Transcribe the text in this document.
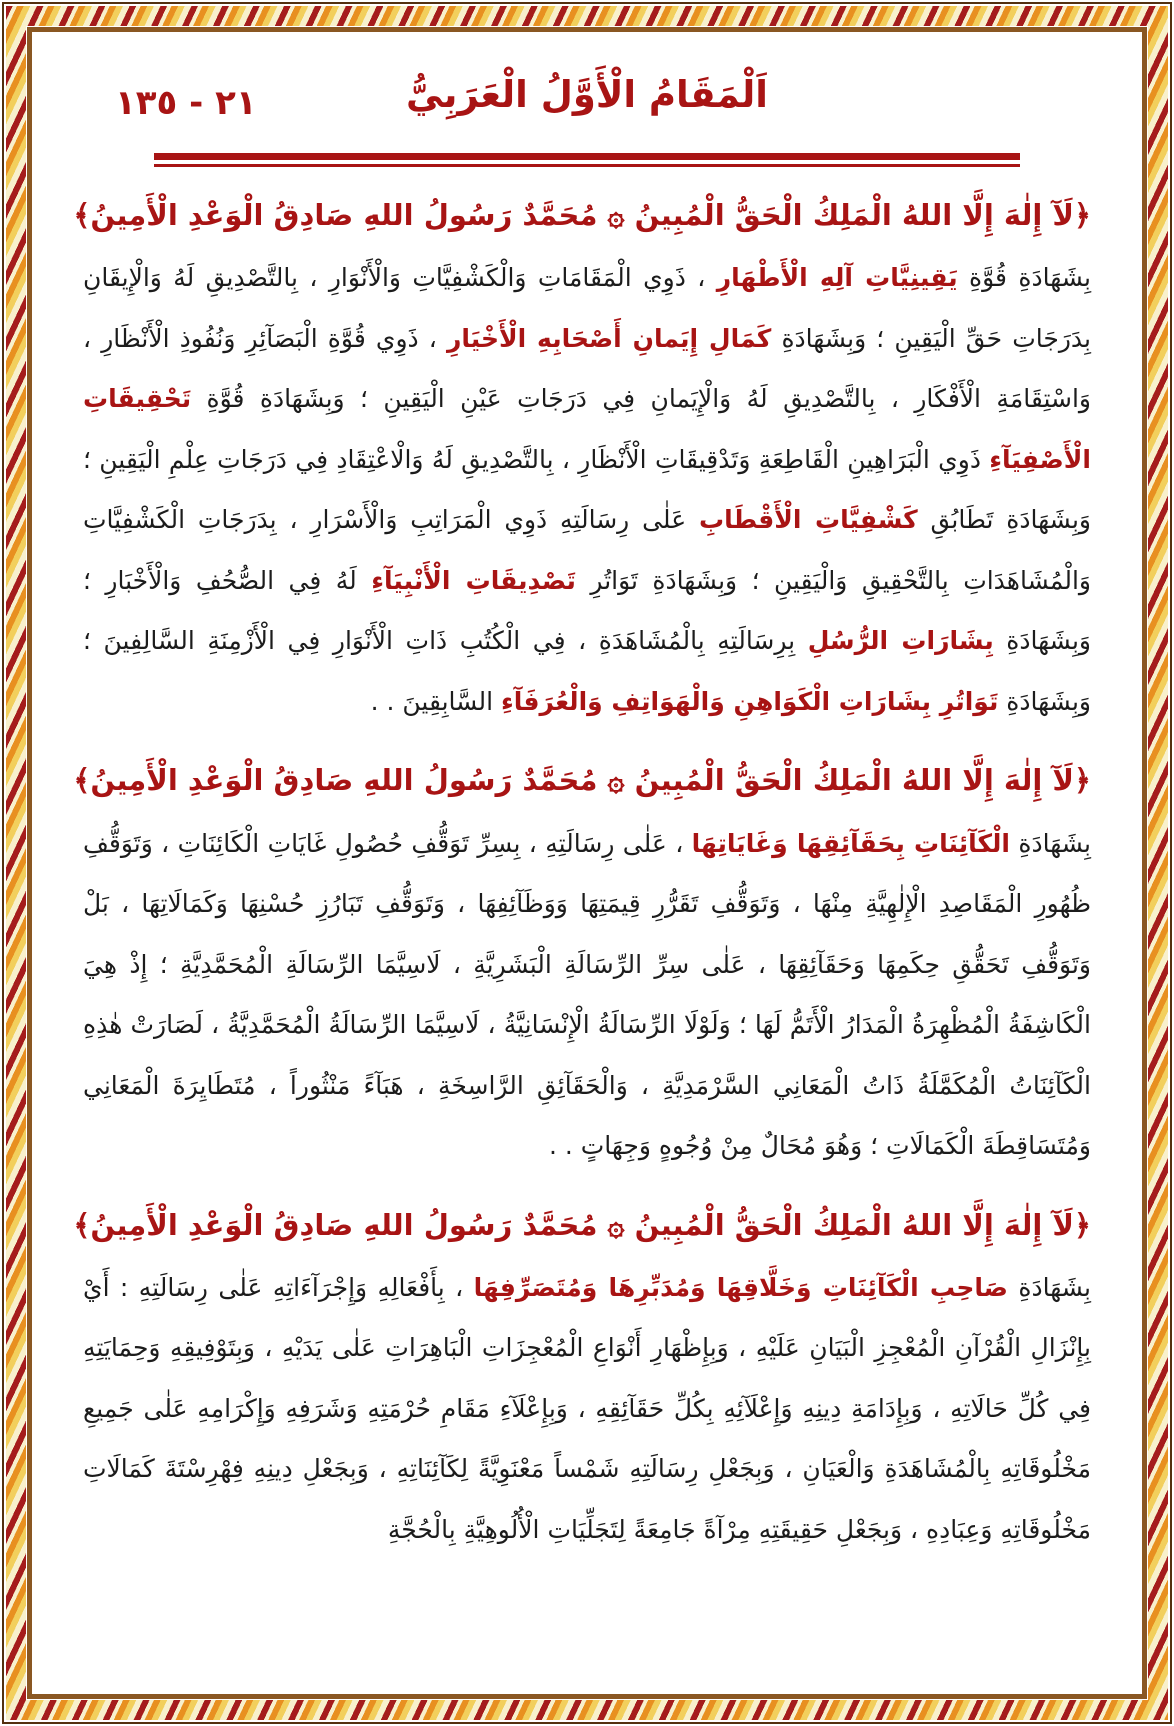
٢١ - ١٣٥	اَلْمَقَامُ الْأَوَّلُ الْعَرَبِيُّ
﴿لَآ إِلٰهَ إِلَّا اللهُ الْمَلِكُ الْحَقُّ الْمُبِينُ ۞ مُحَمَّدٌ رَسُولُ اللهِ صَادِقُ الْوَعْدِ الْأَمِينُ﴾

بِشَهَادَةِ قُوَّةِ يَقِينِيَّاتِ آلِهِ الْأَطْهَارِ ، ذَوِي الْمَقَامَاتِ وَالْكَشْفِيَّاتِ وَالْأَنْوَارِ ، بِالتَّصْدِيقِ لَهُ وَالْإِيقَانِ بِدَرَجَاتِ حَقِّ الْيَقِينِ ؛ وَبِشَهَادَةِ كَمَالِ إِيَمانِ أَصْحَابِهِ الْأَخْيَارِ ، ذَوِي قُوَّةِ الْبَصَآئِرِ وَنُفُوذِ الْأَنْظَارِ ، وَاسْتِقَامَةِ الْأَفْكَارِ ، بِالتَّصْدِيقِ لَهُ وَالْإِيَمانِ فِي دَرَجَاتِ عَيْنِ الْيَقِينِ ؛ وَبِشَهَادَةِ قُوَّةِ تَحْقِيقَاتِ الْأَصْفِيَآءِ ذَوِي الْبَرَاهِينِ الْقَاطِعَةِ وَتَدْقِيقَاتِ الْأَنْظَارِ ، بِالتَّصْدِيقِ لَهُ وَالْاعْتِقَادِ فِي دَرَجَاتِ عِلْمِ الْيَقِينِ ؛ وَبِشَهَادَةِ تَطَابُقِ كَشْفِيَّاتِ الْأَقْطَابِ عَلٰى رِسَالَتِهِ ذَوِي الْمَرَاتِبِ وَالْأَسْرَارِ ، بِدَرَجَاتِ الْكَشْفِيَّاتِ وَالْمُشَاهَدَاتِ بِالتَّحْقِيقِ وَالْيَقِينِ ؛ وَبِشَهَادَةِ تَوَاتُرِ تَصْدِيقَاتِ الْأَنْبِيَآءِ لَهُ فِي الصُّحُفِ وَالْأَخْبَارِ ؛ وَبِشَهَادَةِ بِشَارَاتِ الرُّسُلِ بِرِسَالَتِهِ بِالْمُشَاهَدَةِ ، فِي الْكُتُبِ ذَاتِ الْأَنْوَارِ فِي الْأَزْمِنَةِ السَّالِفِينَ ؛ وَبِشَهَادَةِ تَوَاتُرِ بِشَارَاتِ الْكَوَاهِنِ وَالْهَوَاتِفِ وَالْعُرَفَآءِ السَّابِقِينَ . .

﴿لَآ إِلٰهَ إِلَّا اللهُ الْمَلِكُ الْحَقُّ الْمُبِينُ ۞ مُحَمَّدٌ رَسُولُ اللهِ صَادِقُ الْوَعْدِ الْأَمِينُ﴾

بِشَهَادَةِ الْكَآئِنَاتِ بِحَقَآئِقِهَا وَغَايَاتِهَا ، عَلٰى رِسَالَتِهِ ، بِسِرِّ تَوَقُّفِ حُصُولِ غَايَاتِ الْكَائِنَاتِ ، وَتَوَقُّفِ ظُهُورِ الْمَقَاصِدِ الْإِلٰهِيَّةِ مِنْهَا ، وَتَوَقُّفِ تَقَرُّرِ قِيمَتِهَا وَوَظَآئِفِهَا ، وَتَوَقُّفِ تَبَارُزِ حُسْنِهَا وَكَمَالَاتِهَا ، بَلْ وَتَوَقُّفِ تَحَقُّقِ حِكَمِهَا وَحَقَآئِقِهَا ، عَلٰى سِرِّ الرِّسَالَةِ الْبَشَرِيَّةِ ، لَاسِيَّمَا الرِّسَالَةِ الْمُحَمَّدِيَّةِ ؛ إِذْ هِيَ الْكَاشِفَةُ الْمُظْهِرَةُ الْمَدَارُ الْأَتَمُّ لَهَا ؛ وَلَوْلَا الرِّسَالَةُ الْإِنْسَانِيَّةُ ، لَاسِيَّمَا الرِّسَالَةُ الْمُحَمَّدِيَّةُ ، لَصَارَتْ هٰذِهِ الْكَآئِنَاتُ الْمُكَمَّلَةُ ذَاتُ الْمَعَانِي السَّرْمَدِيَّةِ ، وَالْحَقَآئِقِ الرَّاسِخَةِ ، هَبَآءً مَنْثُوراً ، مُتَطَايِرَةَ الْمَعَانِي وَمُتَسَاقِطَةَ الْكَمَالَاتِ ؛ وَهُوَ مُحَالٌ مِنْ وُجُوهٍ وَجِهَاتٍ . .

﴿لَآ إِلٰهَ إِلَّا اللهُ الْمَلِكُ الْحَقُّ الْمُبِينُ ۞ مُحَمَّدٌ رَسُولُ اللهِ صَادِقُ الْوَعْدِ الْأَمِينُ﴾

بِشَهَادَةِ صَاحِبِ الْكَآئِنَاتِ وَخَلَّاقِهَا وَمُدَبِّرِهَا وَمُتَصَرِّفِهَا ، بِأَفْعَالِهِ وَإِجْرَآءَاتِهِ عَلٰى رِسَالَتِهِ : أَيْ بِإِنْزَالِ الْقُرْآنِ الْمُعْجِزِ الْبَيَانِ عَلَيْهِ ، وَبِإِظْهَارِ أَنْوَاعِ الْمُعْجِزَاتِ الْبَاهِرَاتِ عَلٰى يَدَيْهِ ، وَبِتَوْفِيقِهِ وَحِمَايَتِهِ فِي كُلِّ حَالَاتِهِ ، وَبِإِدَامَةِ دِينِهِ وَإِعْلَآئِهِ بِكُلِّ حَقَآئِقِهِ ، وَبِإِعْلَآءِ مَقَامِ حُرْمَتِهِ وَشَرَفِهِ وَإِكْرَامِهِ عَلٰى جَمِيعِ مَخْلُوقَاتِهِ بِالْمُشَاهَدَةِ وَالْعَيَانِ ، وَبِجَعْلِ رِسَالَتِهِ شَمْساً مَعْنَوِيَّةً لِكَآئِنَاتِهِ ، وَبِجَعْلِ دِينِهِ فِهْرِسْتَةَ كَمَالَاتِ مَخْلُوقَاتِهِ وَعِبَادِهِ ، وَبِجَعْلِ حَقِيقَتِهِ مِرْآةً جَامِعَةً لِتَجَلِّيَاتِ الْأُلُوهِيَّةِ بِالْحُجَّةِ
